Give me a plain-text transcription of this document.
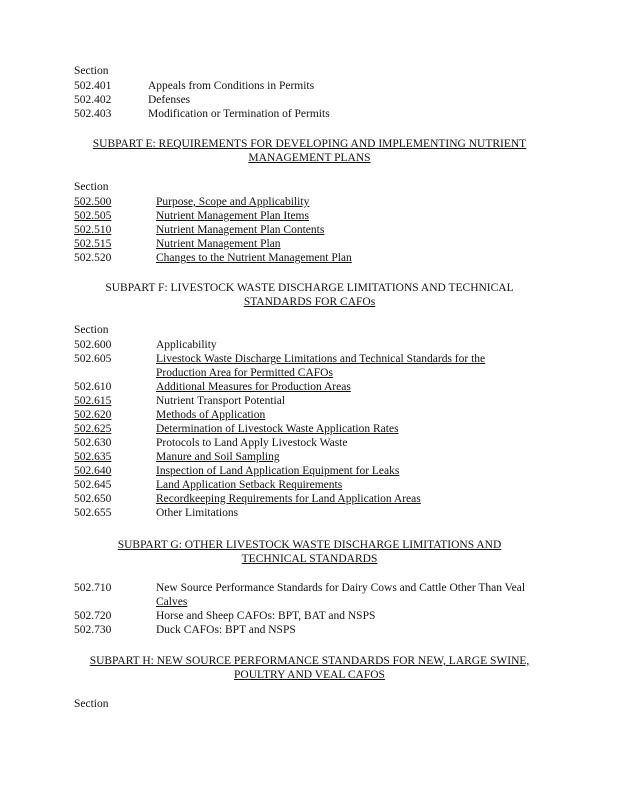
Section
502.401	Appeals from Conditions in Permits
502.402	Defenses
502.403	Modification or Termination of Permits
SUBPART E: REQUIREMENTS FOR DEVELOPING AND IMPLEMENTING NUTRIENT
MANAGEMENT PLANS
Section
502.500	Purpose, Scope and Applicability
502.505	Nutrient Management Plan Items
502.510	Nutrient Management Plan Contents
502.515	Nutrient Management Plan
502.520	Changes to the Nutrient Management Plan
SUBPART F: LIVESTOCK WASTE DISCHARGE LIMITATIONS AND TECHNICAL
STANDARDS FOR CAFOs
Section
502.600	Applicability
502.605	Livestock Waste Discharge Limitations and Technical Standards for the
Production Area for Permitted CAFOs
502.610	Additional Measures for Production Areas
502.615	Nutrient Transport Potential
502.620	Methods of Application
502.625	Determination of Livestock Waste Application Rates
502.630	Protocols to Land Apply Livestock Waste
502.635	Manure and Soil Sampling
502.640	Inspection of Land Application Equipment for Leaks
502.645	Land Application Setback Requirements
502.650	Recordkeeping Requirements for Land Application Areas
502.655	Other Limitations
SUBPART G: OTHER LIVESTOCK WASTE DISCHARGE LIMITATIONS AND
TECHNICAL STANDARDS
502.710	New Source Performance Standards for Dairy Cows and Cattle Other Than Veal
Calves
502.720	Horse and Sheep CAFOs: BPT, BAT and NSPS
502.730	Duck CAFOs: BPT and NSPS
SUBPART H: NEW SOURCE PERFORMANCE STANDARDS FOR NEW, LARGE SWINE,
POULTRY AND VEAL CAFOS
Section
